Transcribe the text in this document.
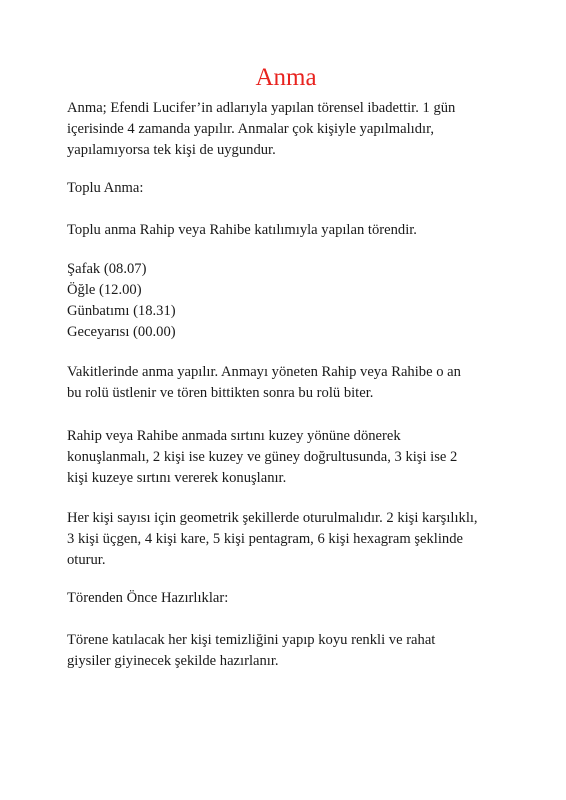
Anma

Anma; Efendi Lucifer’in adlarıyla yapılan törensel ibadettir. 1 gün
içerisinde 4 zamanda yapılır. Anmalar çok kişiyle yapılmalıdır,
yapılamıyorsa tek kişi de uygundur.

Toplu Anma:

Toplu anma Rahip veya Rahibe katılımıyla yapılan törendir.

Şafak (08.07)
Öğle (12.00)
Günbatımı (18.31)
Geceyarısı (00.00)

Vakitlerinde anma yapılır. Anmayı yöneten Rahip veya Rahibe o an
bu rolü üstlenir ve tören bittikten sonra bu rolü biter.

Rahip veya Rahibe anmada sırtını kuzey yönüne dönerek
konuşlanmalı, 2 kişi ise kuzey ve güney doğrultusunda, 3 kişi ise 2
kişi kuzeye sırtını vererek konuşlanır.

Her kişi sayısı için geometrik şekillerde oturulmalıdır. 2 kişi karşılıklı,
3 kişi üçgen, 4 kişi kare, 5 kişi pentagram, 6 kişi hexagram şeklinde
oturur.

Törenden Önce Hazırlıklar:

Törene katılacak her kişi temizliğini yapıp koyu renkli ve rahat
giysiler giyinecek şekilde hazırlanır.
